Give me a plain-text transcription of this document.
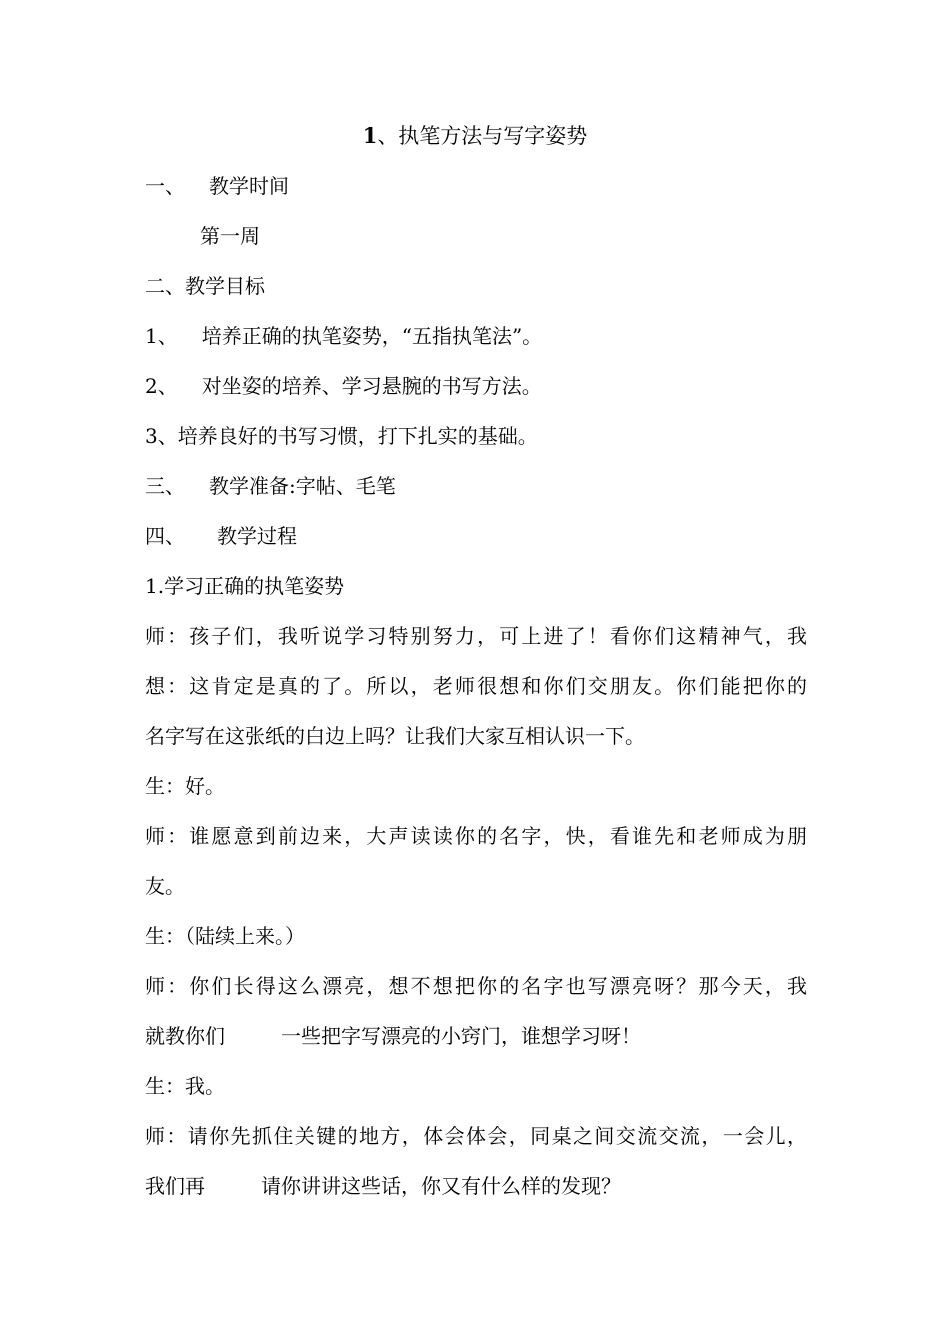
1、执笔方法与写字姿势
一、 教学时间
第一周
二、教学目标
1、 培养正确的执笔姿势，“五指执笔法”。
2、 对坐姿的培养、学习悬腕的书写方法。
3、培养良好的书写习惯，打下扎实的基础。
三、 教学准备:字帖、毛笔
四、 教学过程
1.学习正确的执笔姿势
师：孩子们，我听说学习特别努力，可上进了！看你们这精神气，我
想：这肯定是真的了。所以，老师很想和你们交朋友。你们能把你的
名字写在这张纸的白边上吗？让我们大家互相认识一下。
生：好。
师：谁愿意到前边来，大声读读你的名字，快，看谁先和老师成为朋
友。
生：（陆续上来。）
师：你们长得这么漂亮，想不想把你的名字也写漂亮呀？那今天，我
就教你们	一些把字写漂亮的小窍门，谁想学习呀！
生：我。
师：请你先抓住关键的地方，体会体会，同桌之间交流交流，一会儿，
我们再	请你讲讲这些话，你又有什么样的发现？
